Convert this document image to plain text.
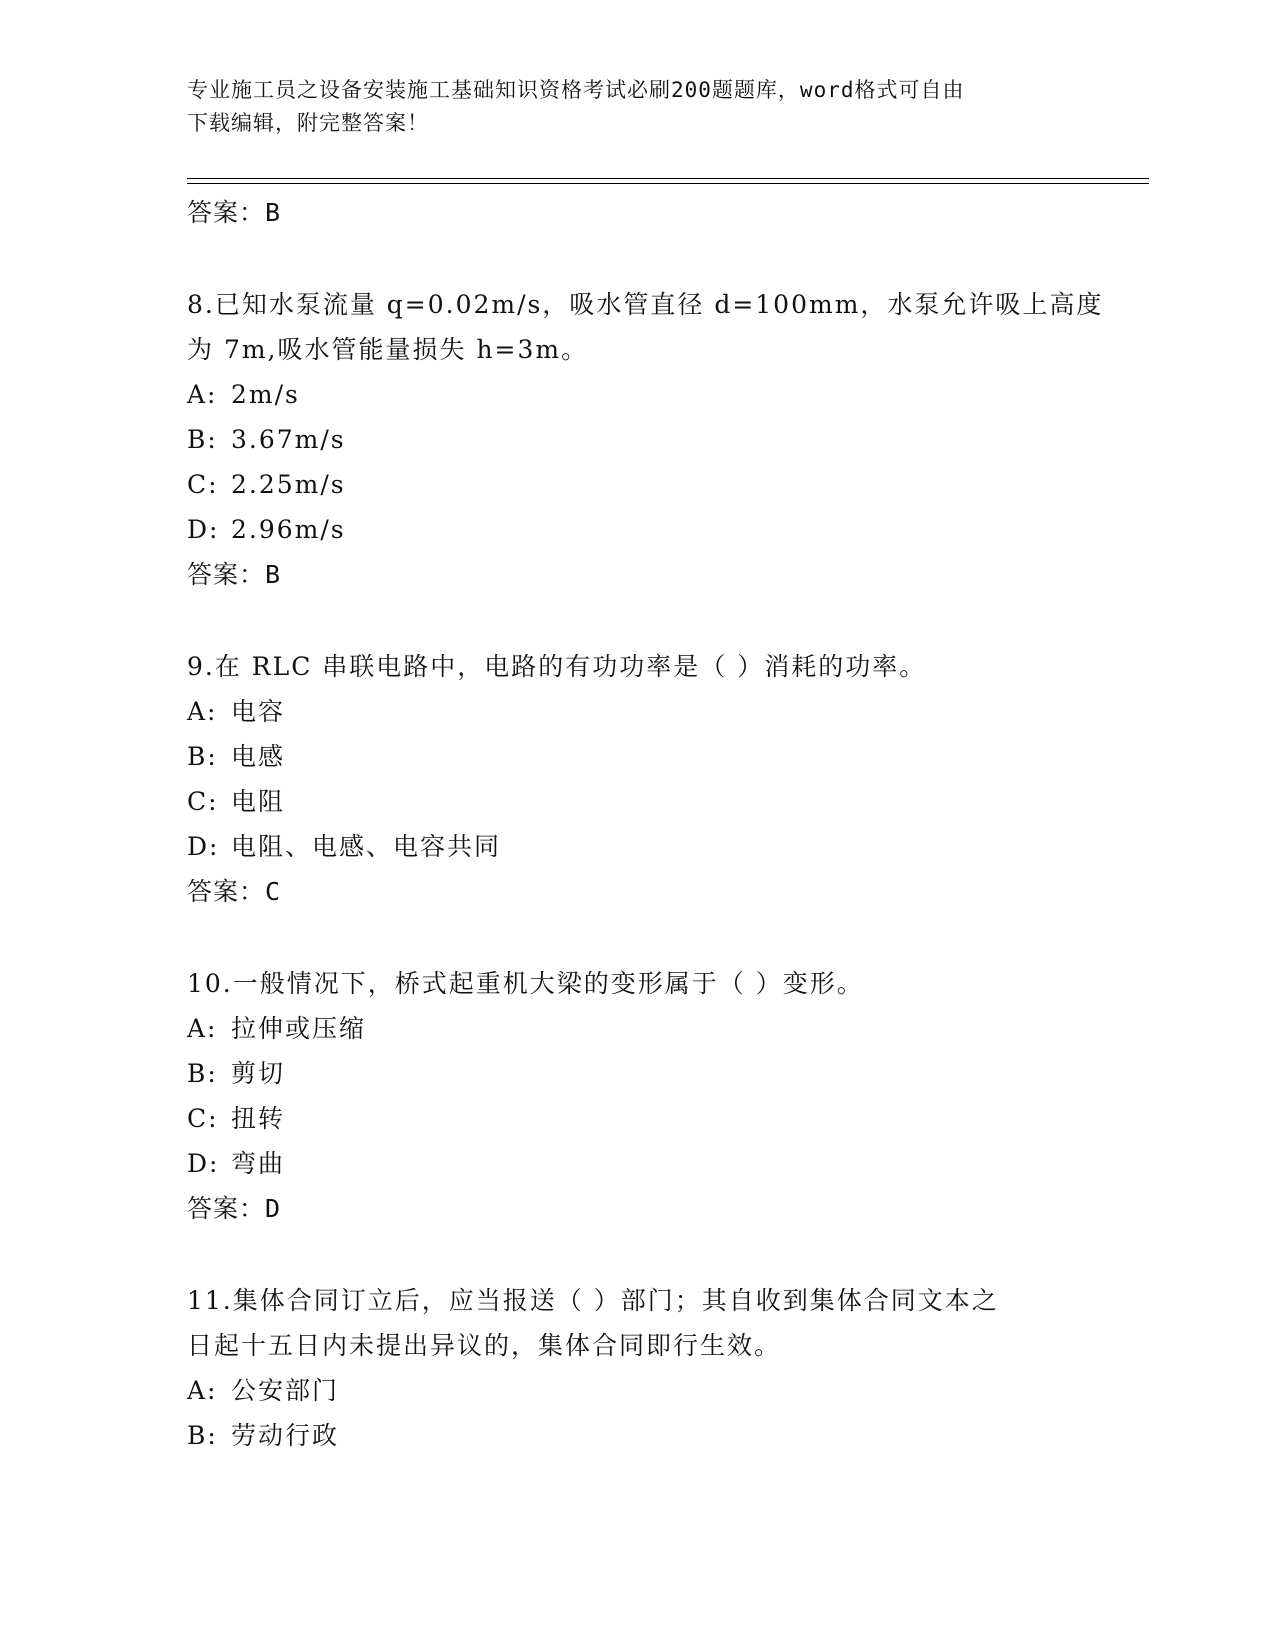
专业施工员之设备安装施工基础知识资格考试必刷200题题库，word格式可自由
下载编辑，附完整答案！
答案：B
8.已知水泵流量 q=0.02m/s，吸水管直径 d=100mm，水泵允许吸上高度
为 7m,吸水管能量损失 h=3m。
A: 2m/s
B: 3.67m/s
C: 2.25m/s
D: 2.96m/s
答案：B
9.在 RLC 串联电路中，电路的有功功率是（ ）消耗的功率。
A: 电容
B: 电感
C: 电阻
D: 电阻、电感、电容共同
答案：C
10.一般情况下，桥式起重机大梁的变形属于（ ）变形。
A: 拉伸或压缩
B: 剪切
C: 扭转
D: 弯曲
答案：D
11.集体合同订立后，应当报送（ ）部门；其自收到集体合同文本之
日起十五日内未提出异议的，集体合同即行生效。
A: 公安部门
B: 劳动行政
